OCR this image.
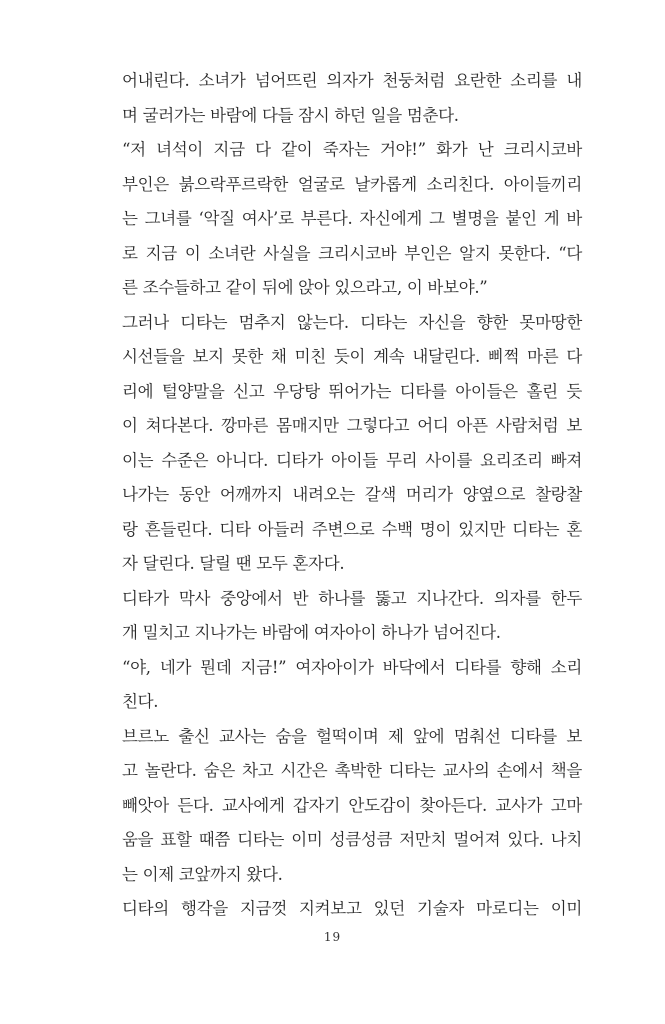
어내린다. 소녀가 넘어뜨린 의자가 천둥처럼 요란한 소리를 내
며 굴러가는 바람에 다들 잠시 하던 일을 멈춘다.
“저 녀석이 지금 다 같이 죽자는 거야!” 화가 난 크리시코바
부인은 붉으락푸르락한 얼굴로 날카롭게 소리친다. 아이들끼리
는 그녀를 ‘악질 여사’로 부른다. 자신에게 그 별명을 붙인 게 바
로 지금 이 소녀란 사실을 크리시코바 부인은 알지 못한다. “다
른 조수들하고 같이 뒤에 앉아 있으라고, 이 바보야.”
그러나 디타는 멈추지 않는다. 디타는 자신을 향한 못마땅한
시선들을 보지 못한 채 미친 듯이 계속 내달린다. 삐쩍 마른 다
리에 털양말을 신고 우당탕 뛰어가는 디타를 아이들은 홀린 듯
이 쳐다본다. 깡마른 몸매지만 그렇다고 어디 아픈 사람처럼 보
이는 수준은 아니다. 디타가 아이들 무리 사이를 요리조리 빠져
나가는 동안 어깨까지 내려오는 갈색 머리가 양옆으로 찰랑찰
랑 흔들린다. 디타 아들러 주변으로 수백 명이 있지만 디타는 혼
자 달린다. 달릴 땐 모두 혼자다.
디타가 막사 중앙에서 반 하나를 뚫고 지나간다. 의자를 한두
개 밀치고 지나가는 바람에 여자아이 하나가 넘어진다.
“야, 네가 뭔데 지금!” 여자아이가 바닥에서 디타를 향해 소리
친다.
브르노 출신 교사는 숨을 헐떡이며 제 앞에 멈춰선 디타를 보
고 놀란다. 숨은 차고 시간은 촉박한 디타는 교사의 손에서 책을
빼앗아 든다. 교사에게 갑자기 안도감이 찾아든다. 교사가 고마
움을 표할 때쯤 디타는 이미 성큼성큼 저만치 멀어져 있다. 나치
는 이제 코앞까지 왔다.
디타의 행각을 지금껏 지켜보고 있던 기술자 마로디는 이미
19
